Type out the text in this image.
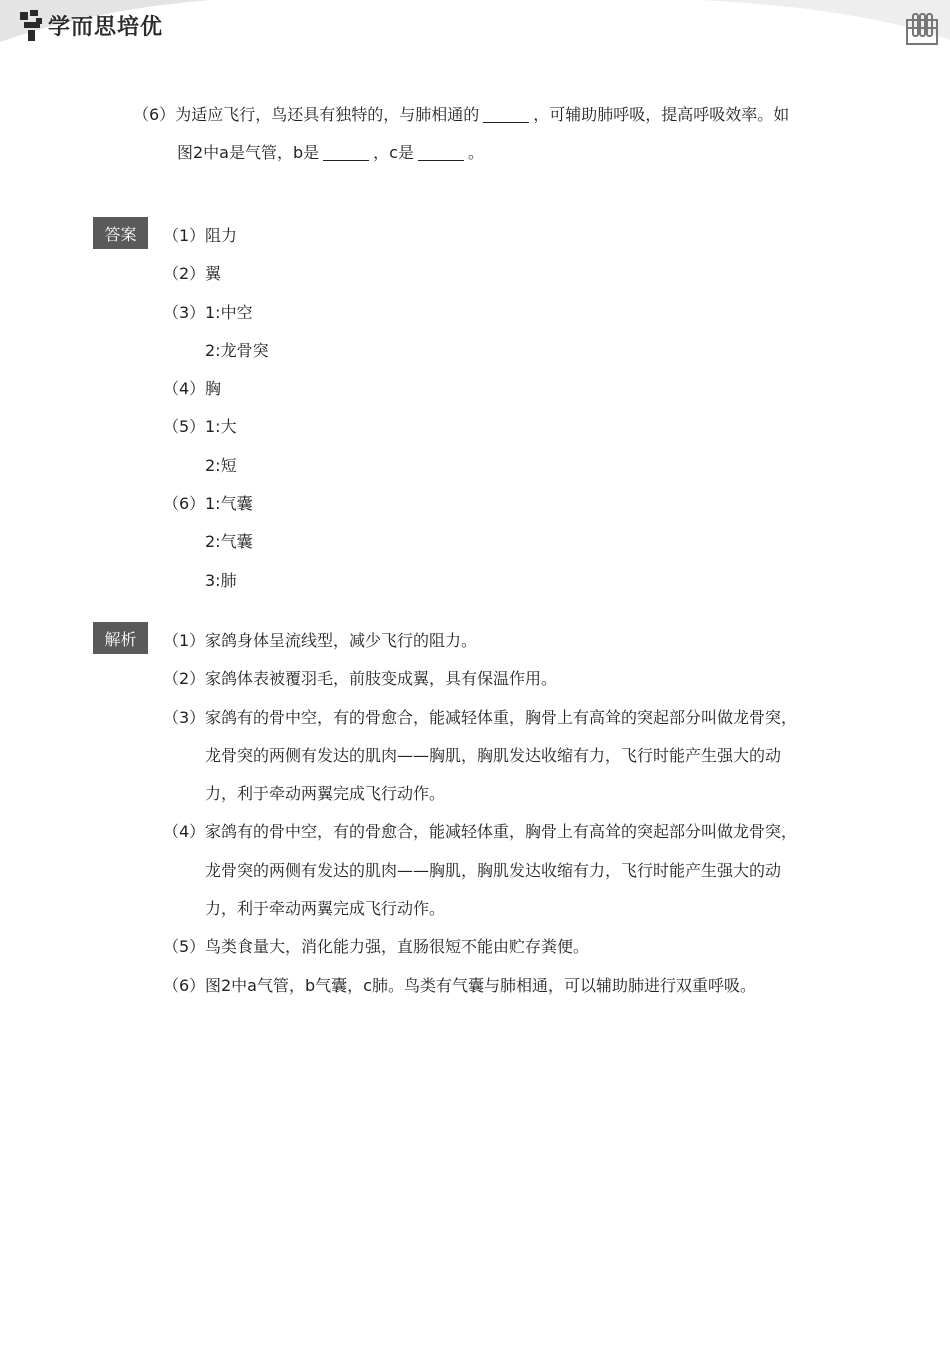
学而思培优
（6）为适应飞行，鸟还具有独特的，与肺相通的	，可辅助肺呼吸，提高呼吸效率。如
图2中a是气管，b是	，c是	。
答案	（1） 阻力
（2） 翼
（3） 1:中空
2:龙骨突
（4） 胸
（5） 1:大
2:短
（6） 1:气囊
2:气囊
3:肺
解析	（1） 家鸽身体呈流线型，减少飞行的阻力。
（2） 家鸽体表被覆羽毛，前肢变成翼，具有保温作用。
（3） 家鸽有的骨中空，有的骨愈合，能减轻体重，胸骨上有高耸的突起部分叫做龙骨突，
龙骨突的两侧有发达的肌肉——胸肌，胸肌发达收缩有力，飞行时能产生强大的动
力，利于牵动两翼完成飞行动作。
（4） 家鸽有的骨中空，有的骨愈合，能减轻体重，胸骨上有高耸的突起部分叫做龙骨突，
龙骨突的两侧有发达的肌肉——胸肌，胸肌发达收缩有力，飞行时能产生强大的动
力，利于牵动两翼完成飞行动作。
（5） 鸟类食量大，消化能力强，直肠很短不能由贮存粪便。
（6） 图2中a气管，b气囊，c肺。鸟类有气囊与肺相通，可以辅助肺进行双重呼吸。
